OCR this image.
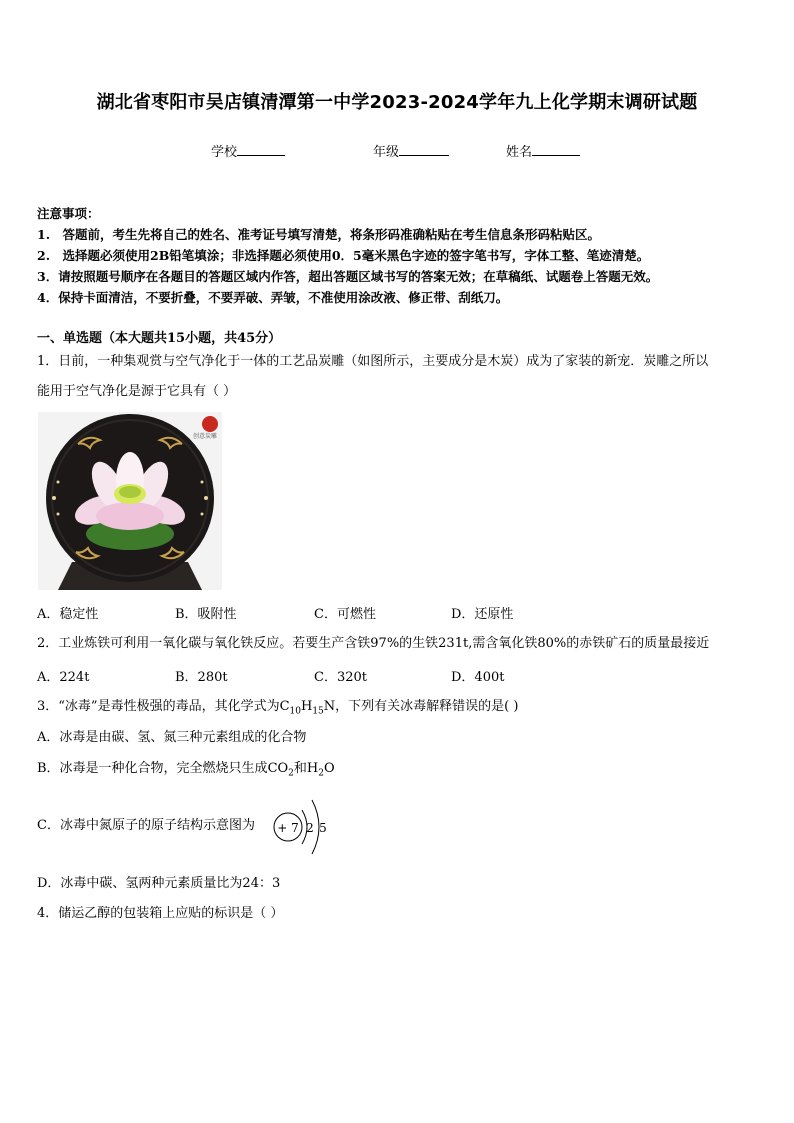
湖北省枣阳市吴店镇清潭第一中学2023-2024学年九上化学期末调研试题
学校	年级	姓名
注意事项：
1.　答题前，考生先将自己的姓名、准考证号填写清楚，将条形码准确粘贴在考生信息条形码粘贴区。
2.　选择题必须使用2B铅笔填涂；非选择题必须使用0．5毫米黑色字迹的签字笔书写，字体工整、笔迹清楚。
3．请按照题号顺序在各题目的答题区域内作答，超出答题区域书写的答案无效；在草稿纸、试题卷上答题无效。
4．保持卡面清洁，不要折叠，不要弄破、弄皱，不准使用涂改液、修正带、刮纸刀。
一、单选题（本大题共15小题，共45分）
1．日前，一种集观赏与空气净化于一体的工艺品炭雕（如图所示，主要成分是木炭）成为了家装的新宠．炭雕之所以
能用于空气净化是源于它具有（ ）
创意炭雕
A．稳定性	B．吸附性	C．可燃性	D．还原性
2．工业炼铁可利用一氧化碳与氧化铁反应。若要生产含铁97%的生铁231t,需含氧化铁80%的赤铁矿石的质量最接近
A．224t	B．280t	C．320t	D．400t
3．“冰毒”是毒性极强的毒品，其化学式为$C_{10}H_{15}N$，下列有关冰毒解释错误的是( )
A．冰毒是由碳、氢、氮三种元素组成的化合物
B．冰毒是一种化合物，完全燃烧只生成$CO_2$和$H_2O$
C．冰毒中氮原子的原子结构示意图为 + 7 2 5
D．冰毒中碳、氢两种元素质量比为24：3
4．储运乙醇的包装箱上应贴的标识是（ ）
